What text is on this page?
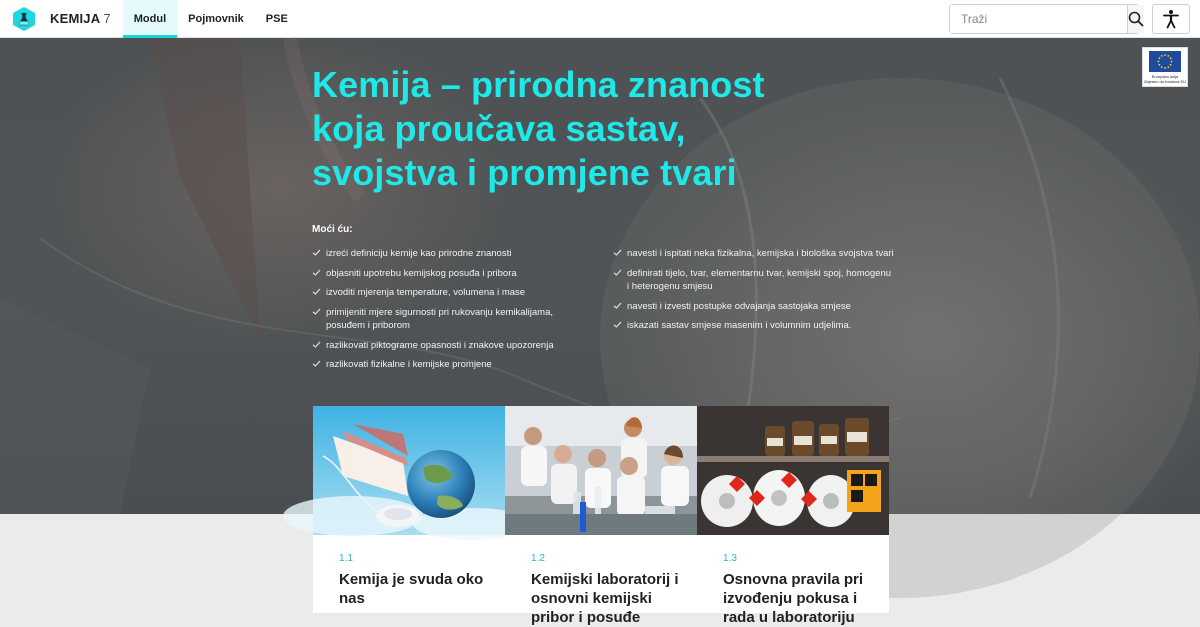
KEMIJA 7	Modul	Pojmovnik	PSE
Traži
Europska unija
Zajedno do fondova EU
Kemija – prirodna znanost
koja proučava sastav,
svojstva i promjene tvari
Moći ću:
izreći definiciju kemije kao prirodne znanosti
objasniti upotrebu kemijskog posuđa i pribora
izvoditi mjerenja temperature, volumena i mase
primijeniti mjere sigurnosti pri rukovanju kemikalijama, posuđem i priborom
razlikovati piktograme opasnosti i znakove upozorenja
razlikovati fizikalne i kemijske promjene
navesti i ispitati neka fizikalna, kemijska i biološka svojstva tvari
definirati tijelo, tvar, elementarnu tvar, kemijski spoj, homogenu i heterogenu smjesu
navesti i izvesti postupke odvajanja sastojaka smjese
iskazati sastav smjese masenim i volumnim udjelima.
1.1
Kemija je svuda oko nas
1.2
Kemijski laboratorij i osnovni kemijski pribor i posuđe
1.3
Osnovna pravila pri izvođenju pokusa i rada u laboratoriju
